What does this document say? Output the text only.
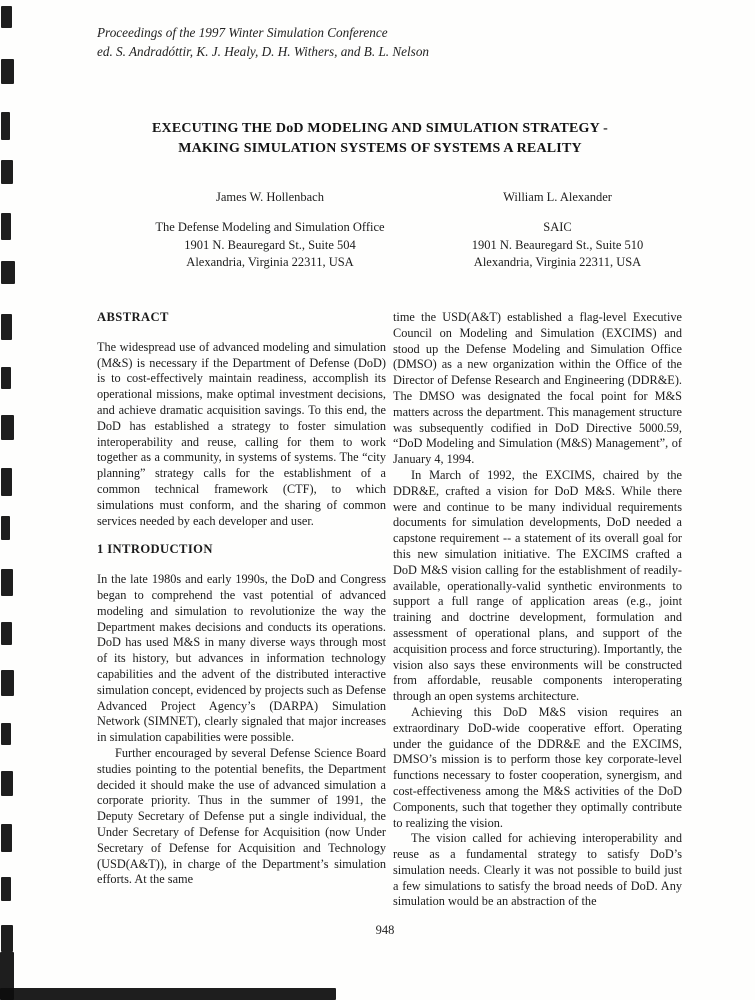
Proceedings of the 1997 Winter Simulation Conference
ed. S. Andradóttir, K. J. Healy, D. H. Withers, and B. L. Nelson
EXECUTING THE DoD MODELING AND SIMULATION STRATEGY -
MAKING SIMULATION SYSTEMS OF SYSTEMS A REALITY
James W. Hollenbach
The Defense Modeling and Simulation Office
1901 N. Beauregard St., Suite 504
Alexandria, Virginia 22311, USA
William L. Alexander
SAIC
1901 N. Beauregard St., Suite 510
Alexandria, Virginia 22311, USA
ABSTRACT

The widespread use of advanced modeling and simulation (M&S) is necessary if the Department of Defense (DoD) is to cost-effectively maintain readiness, accomplish its operational missions, make optimal investment decisions, and achieve dramatic acquisition savings. To this end, the DoD has established a strategy to foster simulation interoperability and reuse, calling for them to work together as a community, in systems of systems. The “city planning” strategy calls for the establishment of a common technical framework (CTF), to which simulations must conform, and the sharing of common services needed by each developer and user.

1 INTRODUCTION

In the late 1980s and early 1990s, the DoD and Congress began to comprehend the vast potential of advanced modeling and simulation to revolutionize the way the Department makes decisions and conducts its operations. DoD has used M&S in many diverse ways through most of its history, but advances in information technology capabilities and the advent of the distributed interactive simulation concept, evidenced by projects such as Defense Advanced Project Agency’s (DARPA) Simulation Network (SIMNET), clearly signaled that major increases in simulation capabilities were possible.

Further encouraged by several Defense Science Board studies pointing to the potential benefits, the Department decided it should make the use of advanced simulation a corporate priority. Thus in the summer of 1991, the Deputy Secretary of Defense put a single individual, the Under Secretary of Defense for Acquisition (now Under Secretary of Defense for Acquisition and Technology (USD(A&T)), in charge of the Department’s simulation efforts. At the same

time the USD(A&T) established a flag-level Executive Council on Modeling and Simulation (EXCIMS) and stood up the Defense Modeling and Simulation Office (DMSO) as a new organization within the Office of the Director of Defense Research and Engineering (DDR&E). The DMSO was designated the focal point for M&S matters across the department. This management structure was subsequently codified in DoD Directive 5000.59, “DoD Modeling and Simulation (M&S) Management”, of January 4, 1994.

In March of 1992, the EXCIMS, chaired by the DDR&E, crafted a vision for DoD M&S. While there were and continue to be many individual requirements documents for simulation developments, DoD needed a capstone requirement -- a statement of its overall goal for this new simulation initiative. The EXCIMS crafted a DoD M&S vision calling for the establishment of readily-available, operationally-valid synthetic environments to support a full range of application areas (e.g., joint training and doctrine development, formulation and assessment of operational plans, and support of the acquisition process and force structuring). Importantly, the vision also says these environments will be constructed from affordable, reusable components interoperating through an open systems architecture.

Achieving this DoD M&S vision requires an extraordinary DoD-wide cooperative effort. Operating under the guidance of the DDR&E and the EXCIMS, DMSO’s mission is to perform those key corporate-level functions necessary to foster cooperation, synergism, and cost-effectiveness among the M&S activities of the DoD Components, such that together they optimally contribute to realizing the vision.

The vision called for achieving interoperability and reuse as a fundamental strategy to satisfy DoD’s simulation needs. Clearly it was not possible to build just a few simulations to satisfy the broad needs of DoD. Any simulation would be an abstraction of the

948
